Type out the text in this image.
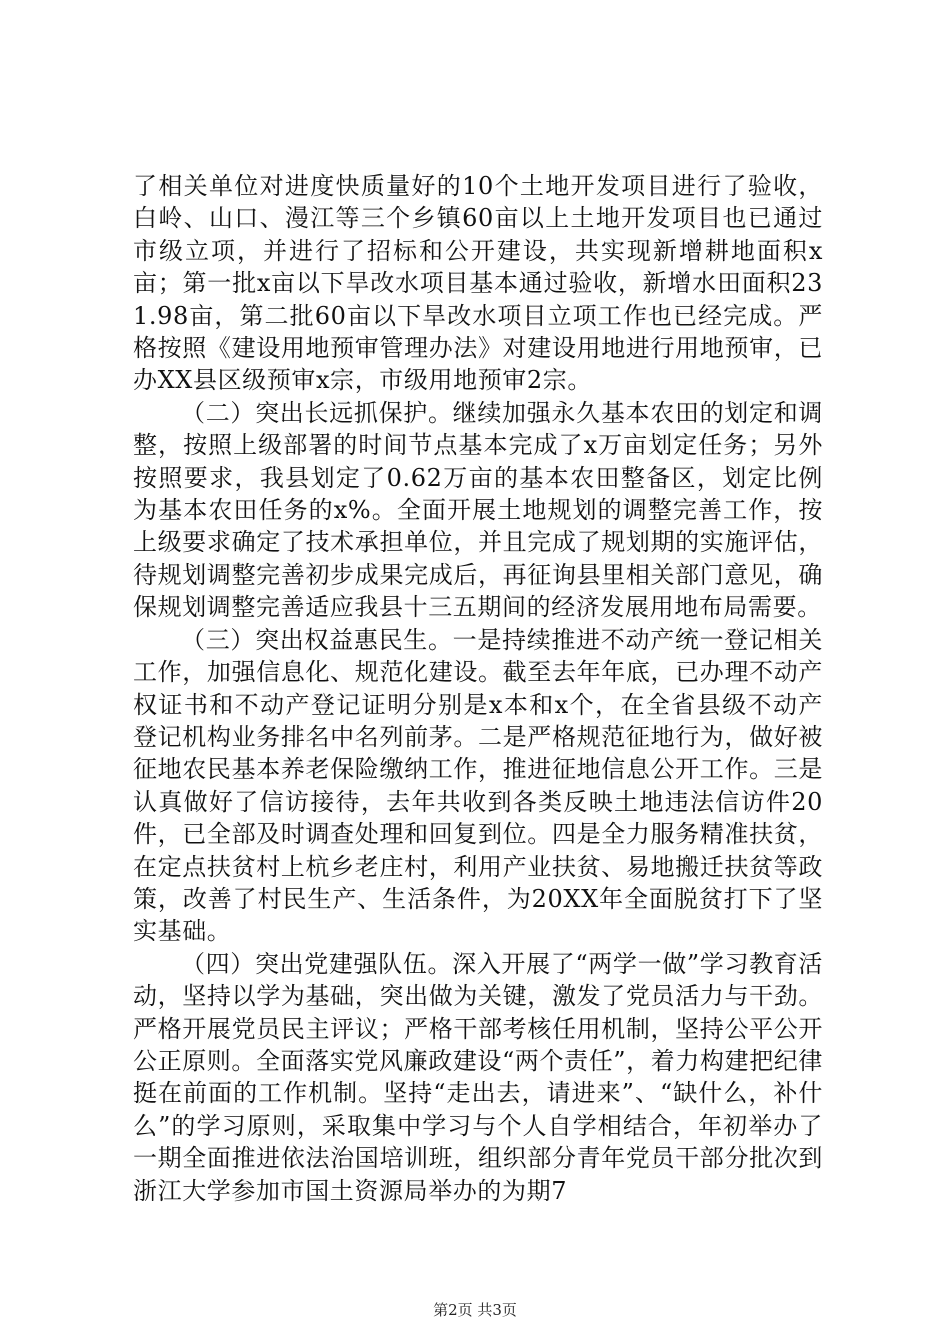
了相关单位对进度快质量好的10个土地开发项目进行了验收，白岭、山口、漫江等三个乡镇60亩以上土地开发项目也已通过市级立项，并进行了招标和公开建设，共实现新增耕地面积x亩；第一批x亩以下旱改水项目基本通过验收，新增水田面积231.98亩，第二批60亩以下旱改水项目立项工作也已经完成。严格按照《建设用地预审管理办法》对建设用地进行用地预审，已办XX县区级预审x宗，市级用地预审2宗。

（二）突出长远抓保护。继续加强永久基本农田的划定和调整，按照上级部署的时间节点基本完成了x万亩划定任务；另外按照要求，我县划定了0.62万亩的基本农田整备区，划定比例为基本农田任务的x%。全面开展土地规划的调整完善工作，按上级要求确定了技术承担单位，并且完成了规划期的实施评估，待规划调整完善初步成果完成后，再征询县里相关部门意见，确保规划调整完善适应我县十三五期间的经济发展用地布局需要。

（三）突出权益惠民生。一是持续推进不动产统一登记相关工作，加强信息化、规范化建设。截至去年年底，已办理不动产权证书和不动产登记证明分别是x本和x个，在全省县级不动产登记机构业务排名中名列前茅。二是严格规范征地行为，做好被征地农民基本养老保险缴纳工作，推进征地信息公开工作。三是认真做好了信访接待，去年共收到各类反映土地违法信访件20件，已全部及时调查处理和回复到位。四是全力服务精准扶贫，在定点扶贫村上杭乡老庄村，利用产业扶贫、易地搬迁扶贫等政策，改善了村民生产、生活条件，为20XX年全面脱贫打下了坚实基础。

（四）突出党建强队伍。深入开展了“两学一做”学习教育活动，坚持以学为基础，突出做为关键，激发了党员活力与干劲。严格开展党员民主评议；严格干部考核任用机制，坚持公平公开公正原则。全面落实党风廉政建设“两个责任”，着力构建把纪律挺在前面的工作机制。坚持“走出去，请进来”、“缺什么，补什么”的学习原则，采取集中学习与个人自学相结合，年初举办了一期全面推进依法治国培训班，组织部分青年党员干部分批次到浙江大学参加市国土资源局举办的为期7

第2页 共3页
